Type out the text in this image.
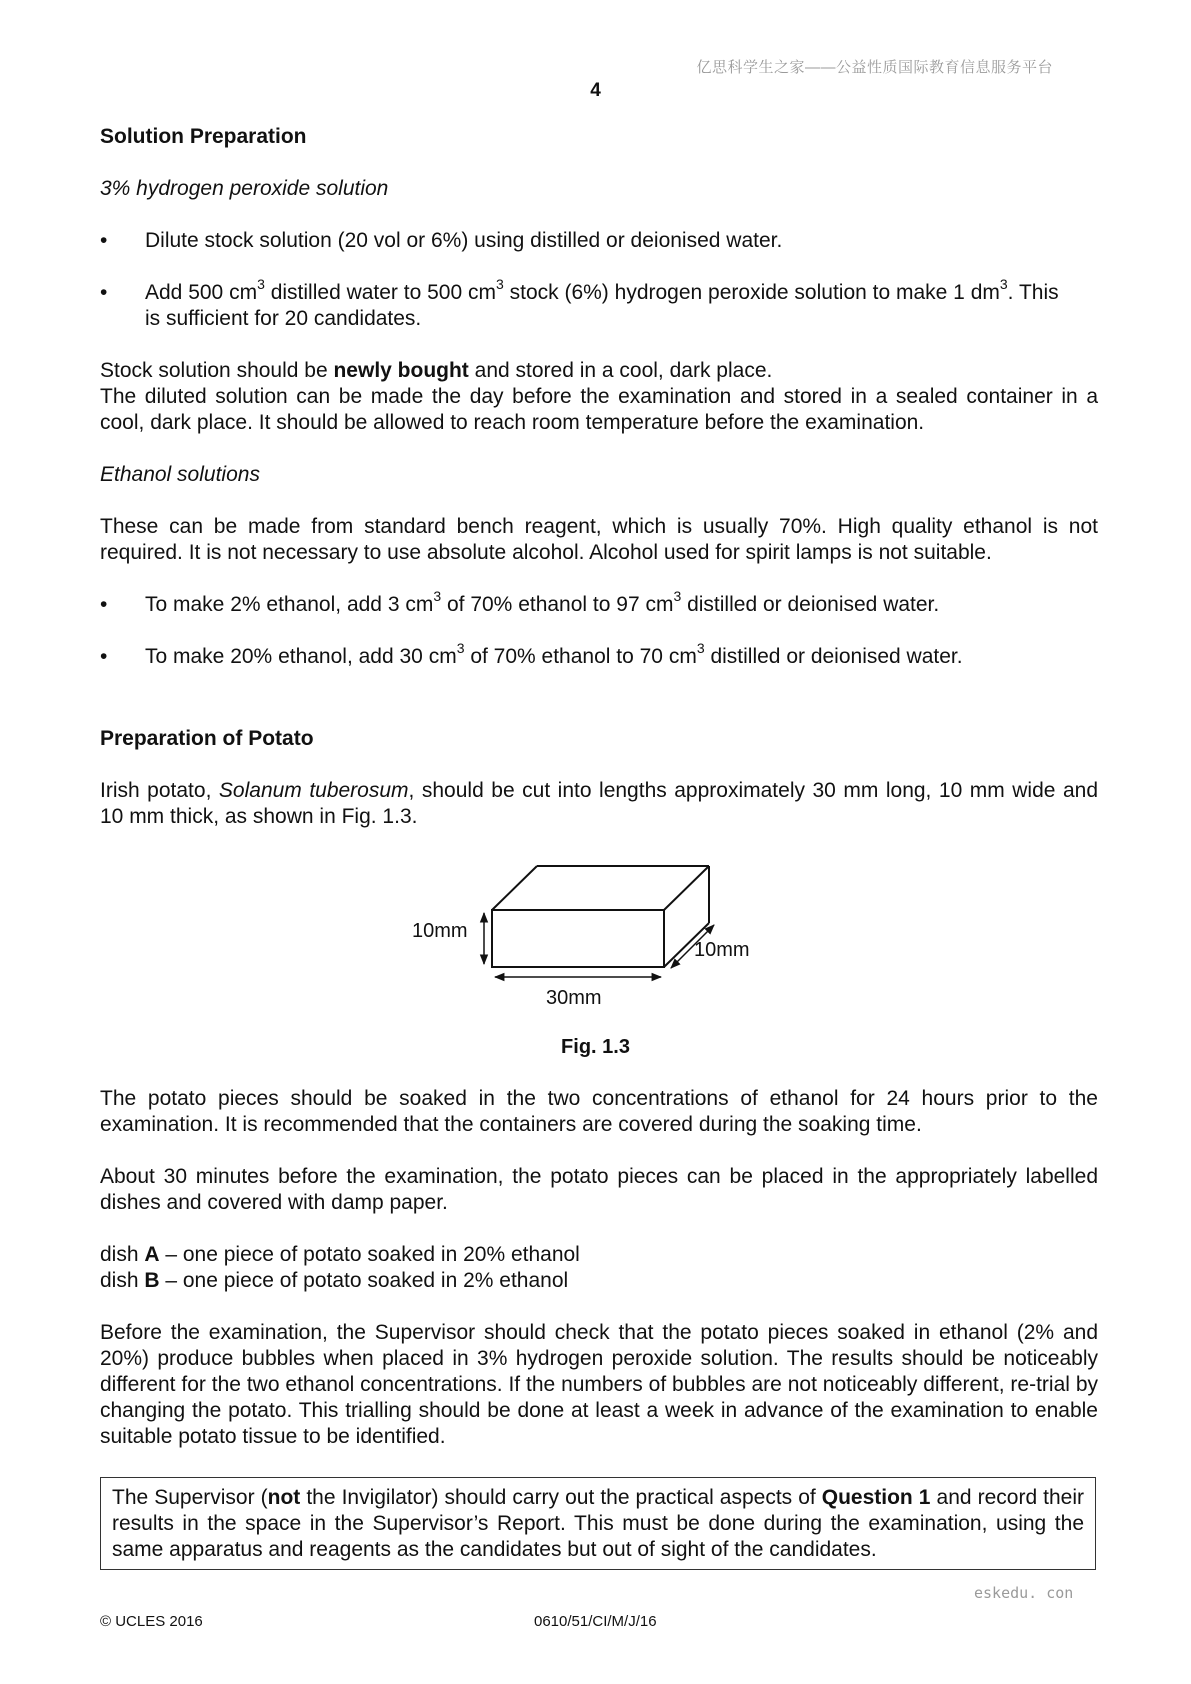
亿思科学生之家——公益性质国际教育信息服务平台
4
Solution Preparation
3% hydrogen peroxide solution
• Dilute stock solution (20 vol or 6%) using distilled or deionised water.
• Add 500 $cm^3$ distilled water to 500 $cm^3$ stock (6%) hydrogen peroxide solution to make 1 $dm^3$. This
is sufficient for 20 candidates.
Stock solution should be newly bought and stored in a cool, dark place.
The diluted solution can be made the day before the examination and stored in a sealed container in a cool, dark place. It should be allowed to reach room temperature before the examination.
Ethanol solutions
These can be made from standard bench reagent, which is usually 70%. High quality ethanol is not required. It is not necessary to use absolute alcohol. Alcohol used for spirit lamps is not suitable.
• To make 2% ethanol, add 3 $cm^3$ of 70% ethanol to 97 $cm^3$ distilled or deionised water.
• To make 20% ethanol, add 30 $cm^3$ of 70% ethanol to 70 $cm^3$ distilled or deionised water.
Preparation of Potato
Irish potato, Solanum tuberosum, should be cut into lengths approximately 30 mm long, 10 mm wide and 10 mm thick, as shown in Fig. 1.3.
10mm
10mm
30mm
Fig. 1.3
The potato pieces should be soaked in the two concentrations of ethanol for 24 hours prior to the examination. It is recommended that the containers are covered during the soaking time.
About 30 minutes before the examination, the potato pieces can be placed in the appropriately labelled dishes and covered with damp paper.
dish A – one piece of potato soaked in 20% ethanol
dish B – one piece of potato soaked in 2% ethanol
Before the examination, the Supervisor should check that the potato pieces soaked in ethanol (2% and 20%) produce bubbles when placed in 3% hydrogen peroxide solution. The results should be noticeably different for the two ethanol concentrations. If the numbers of bubbles are not noticeably different, re-trial by changing the potato. This trialling should be done at least a week in advance of the examination to enable suitable potato tissue to be identified.
The Supervisor (not the Invigilator) should carry out the practical aspects of Question 1 and record their results in the space in the Supervisor’s Report. This must be done during the examination, using the same apparatus and reagents as the candidates but out of sight of the candidates.
eskedu. con
© UCLES 2016	0610/51/CI/M/J/16
